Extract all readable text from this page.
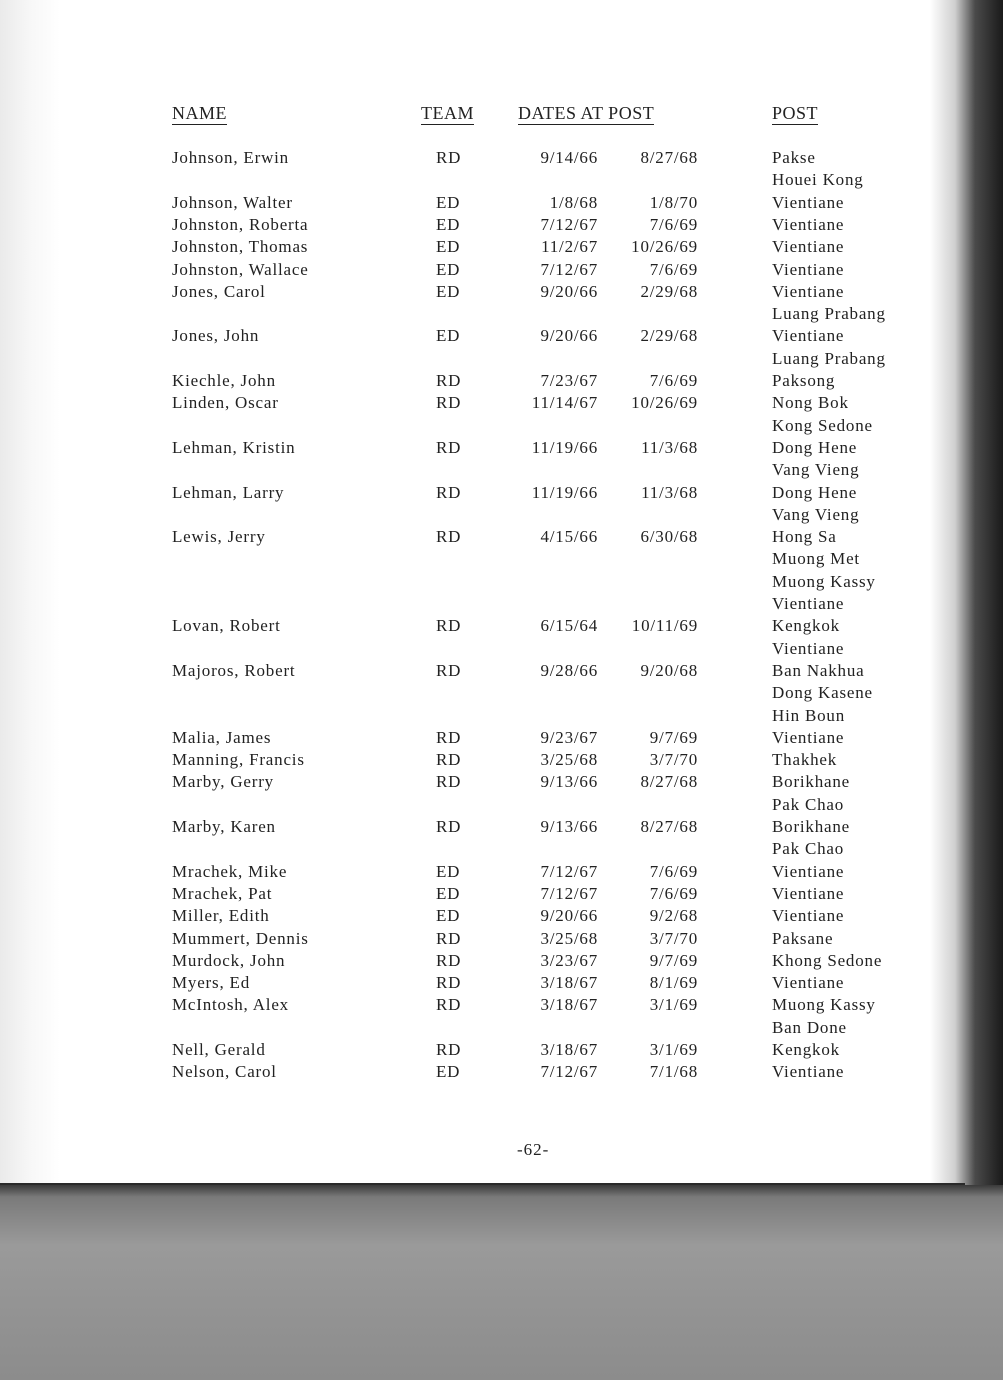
NAME	TEAM DATES AT POST	POST
Johnson, Erwin	RD	9/14/66	8/27/68	Pakse
Houei Kong
Johnson, Walter	ED	1/8/68	1/8/70	Vientiane
Johnston, Roberta	ED	7/12/67	7/6/69	Vientiane
Johnston, Thomas	ED	11/2/67	10/26/69	Vientiane
Johnston, Wallace	ED	7/12/67	7/6/69	Vientiane
Jones, Carol	ED	9/20/66	2/29/68	Vientiane
Luang Prabang
Jones, John	ED	9/20/66	2/29/68	Vientiane
Luang Prabang
Kiechle, John	RD	7/23/67	7/6/69	Paksong
Linden, Oscar	RD	11/14/67	10/26/69	Nong Bok
Kong Sedone
Lehman, Kristin	RD	11/19/66	11/3/68	Dong Hene
Vang Vieng
Lehman, Larry	RD	11/19/66	11/3/68	Dong Hene
Vang Vieng
Lewis, Jerry	RD	4/15/66	6/30/68	Hong Sa
Muong Met
Muong Kassy
Vientiane
Lovan, Robert	RD	6/15/64	10/11/69	Kengkok
Vientiane
Majoros, Robert	RD	9/28/66	9/20/68	Ban Nakhua
Dong Kasene
Hin Boun
Malia, James	RD	9/23/67	9/7/69	Vientiane
Manning, Francis	RD	3/25/68	3/7/70	Thakhek
Marby, Gerry	RD	9/13/66	8/27/68	Borikhane
Pak Chao
Marby, Karen	RD	9/13/66	8/27/68	Borikhane
Pak Chao
Mrachek, Mike	ED	7/12/67	7/6/69	Vientiane
Mrachek, Pat	ED	7/12/67	7/6/69	Vientiane
Miller, Edith	ED	9/20/66	9/2/68	Vientiane
Mummert, Dennis	RD	3/25/68	3/7/70	Paksane
Murdock, John	RD	3/23/67	9/7/69	Khong Sedone
Myers, Ed	RD	3/18/67	8/1/69	Vientiane
McIntosh, Alex	RD	3/18/67	3/1/69	Muong Kassy
Ban Done
Nell, Gerald	RD	3/18/67	3/1/69	Kengkok
Nelson, Carol	ED	7/12/67	7/1/68	Vientiane
-62-
